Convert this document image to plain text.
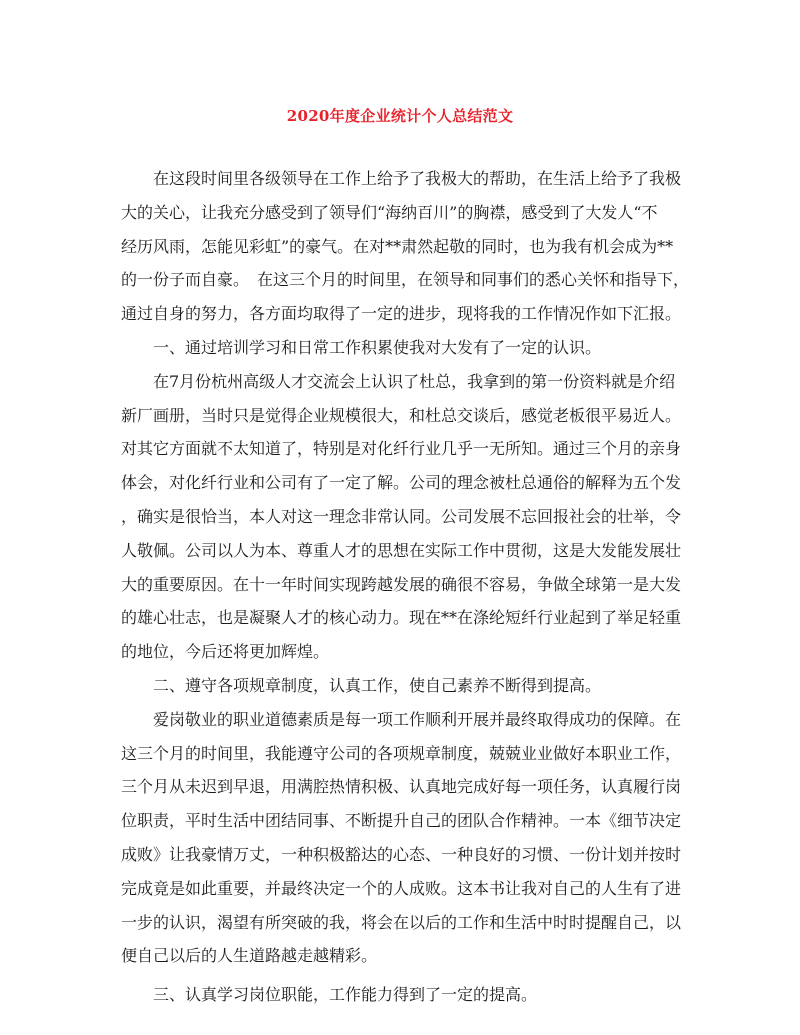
2020年度企业统计个人总结范文
　　在这段时间里各级领导在工作上给予了我极大的帮助，在生活上给予了我极
大的关心，让我充分感受到了领导们“海纳百川”的胸襟，感受到了大发人“不
经历风雨，怎能见彩虹”的豪气。在对**肃然起敬的同时，也为我有机会成为**
的一份子而自豪。　在这三个月的时间里，在领导和同事们的悉心关怀和指导下，
通过自身的努力，各方面均取得了一定的进步，现将我的工作情况作如下汇报。
　　一、通过培训学习和日常工作积累使我对大发有了一定的认识。
　　在7月份杭州高级人才交流会上认识了杜总，我拿到的第一份资料就是介绍
新厂画册，当时只是觉得企业规模很大，和杜总交谈后，感觉老板很平易近人。
对其它方面就不太知道了，特别是对化纤行业几乎一无所知。通过三个月的亲身
体会，对化纤行业和公司有了一定了解。公司的理念被杜总通俗的解释为五个发
，确实是很恰当，本人对这一理念非常认同。公司发展不忘回报社会的壮举，令
人敬佩。公司以人为本、尊重人才的思想在实际工作中贯彻，这是大发能发展壮
大的重要原因。在十一年时间实现跨越发展的确很不容易，争做全球第一是大发
的雄心壮志，也是凝聚人才的核心动力。现在**在涤纶短纤行业起到了举足轻重
的地位，今后还将更加辉煌。
　　二、遵守各项规章制度，认真工作，使自己素养不断得到提高。
　　爱岗敬业的职业道德素质是每一项工作顺利开展并最终取得成功的保障。在
这三个月的时间里，我能遵守公司的各项规章制度，兢兢业业做好本职业工作，
三个月从未迟到早退，用满腔热情积极、认真地完成好每一项任务，认真履行岗
位职责，平时生活中团结同事、不断提升自己的团队合作精神。一本《细节决定
成败》让我豪情万丈，一种积极豁达的心态、一种良好的习惯、一份计划并按时
完成竟是如此重要，并最终决定一个的人成败。这本书让我对自己的人生有了进
一步的认识，渴望有所突破的我，将会在以后的工作和生活中时时提醒自己，以
便自己以后的人生道路越走越精彩。
　　三、认真学习岗位职能，工作能力得到了一定的提高。
